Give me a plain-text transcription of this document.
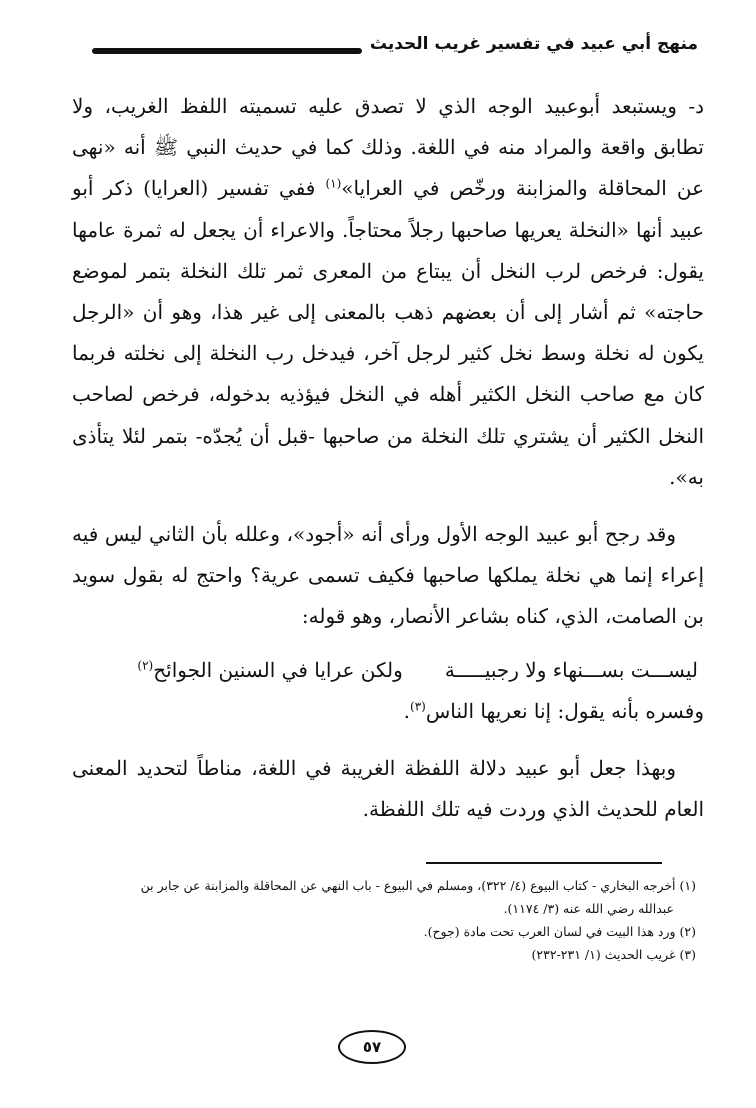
منهج أبي عبيد في تفسير غريب الحديث

د- ويستبعد أبوعبيد الوجه الذي لا تصدق عليه تسميته اللفظ الغريب، ولا تطابق واقعة والمراد منه في اللغة. وذلك كما في حديث النبي ﷺ أنه «نهى عن المحاقلة والمزابنة ورخّص في العرايا»$^{(١)}$ ففي تفسير (العرايا) ذكر أبو عبيد أنها «النخلة يعريها صاحبها رجلاً محتاجاً. والاعراء أن يجعل له ثمرة عامها يقول: فرخص لرب النخل أن يبتاع من المعرى ثمر تلك النخلة بتمر لموضع حاجته» ثم أشار إلى أن بعضهم ذهب بالمعنى إلى غير هذا، وهو أن «الرجل يكون له نخلة وسط نخل كثير لرجل آخر، فيدخل رب النخلة إلى نخلته فربما كان مع صاحب النخل الكثير أهله في النخل فيؤذيه بدخوله، فرخص لصاحب النخل الكثير أن يشتري تلك النخلة من صاحبها -قبل أن يُجدّه- بتمر لئلا يتأذى به».

وقد رجح أبو عبيد الوجه الأول ورأى أنه «أجود»، وعلله بأن الثاني ليس فيه إعراء إنما هي نخلة يملكها صاحبها فكيف تسمى عرية؟ واحتج له بقول سويد بن الصامت، الذي، كناه بشاعر الأنصار، وهو قوله:

ليســـت بســـنهاء ولا رجبيـــــة
ولكن عرايا في السنين الجوائح$^{(٢)}$

وفسره بأنه يقول: إنا نعريها الناس$^{(٣)}$.

وبهذا جعل أبو عبيد دلالة اللفظة الغريبة في اللغة، مناطاً لتحديد المعنى العام للحديث الذي وردت فيه تلك اللفظة.

(١) أخرجه البخاري - كتاب البيوع (٤/ ٣٢٢)، ومسلم في البيوع - باب النهي عن المحاقلة والمزابنة عن جابر بن

عبدالله رضي الله عنه (٣/ ١١٧٤).

(٢) ورد هذا البيت في لسان العرب تحت مادة (جوح).

(٣) غريب الحديث (١/ ٢٣١-٢٣٢)

٥٧
